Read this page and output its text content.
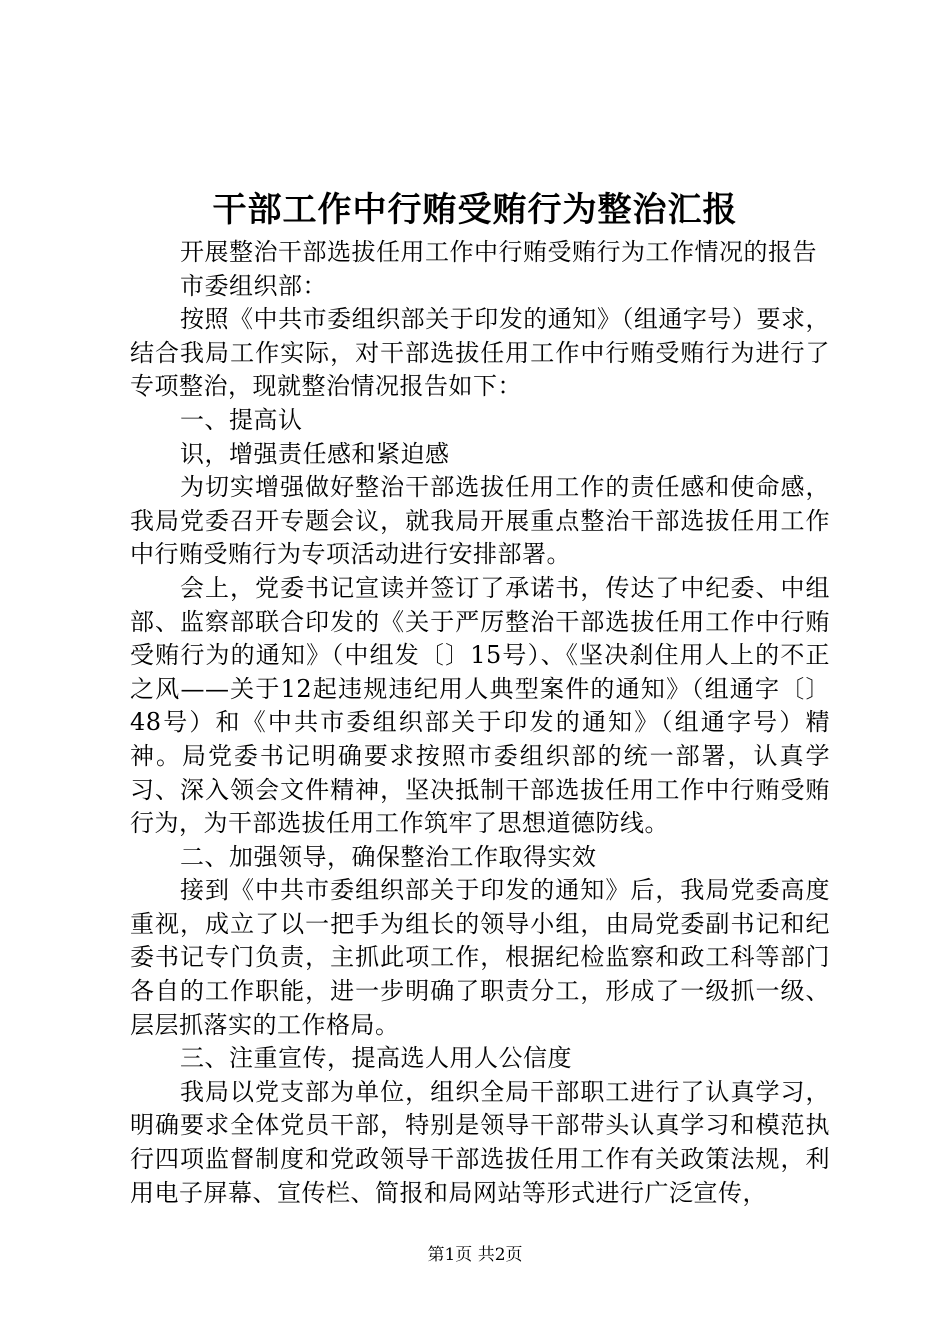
干部工作中行贿受贿行为整治汇报

开展整治干部选拔任用工作中行贿受贿行为工作情况的报告

市委组织部：

按照《中共市委组织部关于印发的通知》（组通字号）要求，结合我局工作实际，对干部选拔任用工作中行贿受贿行为进行了专项整治，现就整治情况报告如下：

一、提高认

识，增强责任感和紧迫感

为切实增强做好整治干部选拔任用工作的责任感和使命感，我局党委召开专题会议，就我局开展重点整治干部选拔任用工作中行贿受贿行为专项活动进行安排部署。

会上，党委书记宣读并签订了承诺书，传达了中纪委、中组部、监察部联合印发的《关于严厉整治干部选拔任用工作中行贿受贿行为的通知》（中组发〔〕15号）、《坚决刹住用人上的不正之风——关于12起违规违纪用人典型案件的通知》（组通字〔〕48号）和《中共市委组织部关于印发的通知》（组通字号）精神。局党委书记明确要求按照市委组织部的统一部署，认真学习、深入领会文件精神，坚决抵制干部选拔任用工作中行贿受贿行为，为干部选拔任用工作筑牢了思想道德防线。

二、加强领导，确保整治工作取得实效

接到《中共市委组织部关于印发的通知》后，我局党委高度重视，成立了以一把手为组长的领导小组，由局党委副书记和纪委书记专门负责，主抓此项工作，根据纪检监察和政工科等部门各自的工作职能，进一步明确了职责分工，形成了一级抓一级、层层抓落实的工作格局。

三、注重宣传，提高选人用人公信度

我局以党支部为单位，组织全局干部职工进行了认真学习，明确要求全体党员干部，特别是领导干部带头认真学习和模范执行四项监督制度和党政领导干部选拔任用工作有关政策法规，利用电子屏幕、宣传栏、简报和局网站等形式进行广泛宣传，

第1页 共2页
